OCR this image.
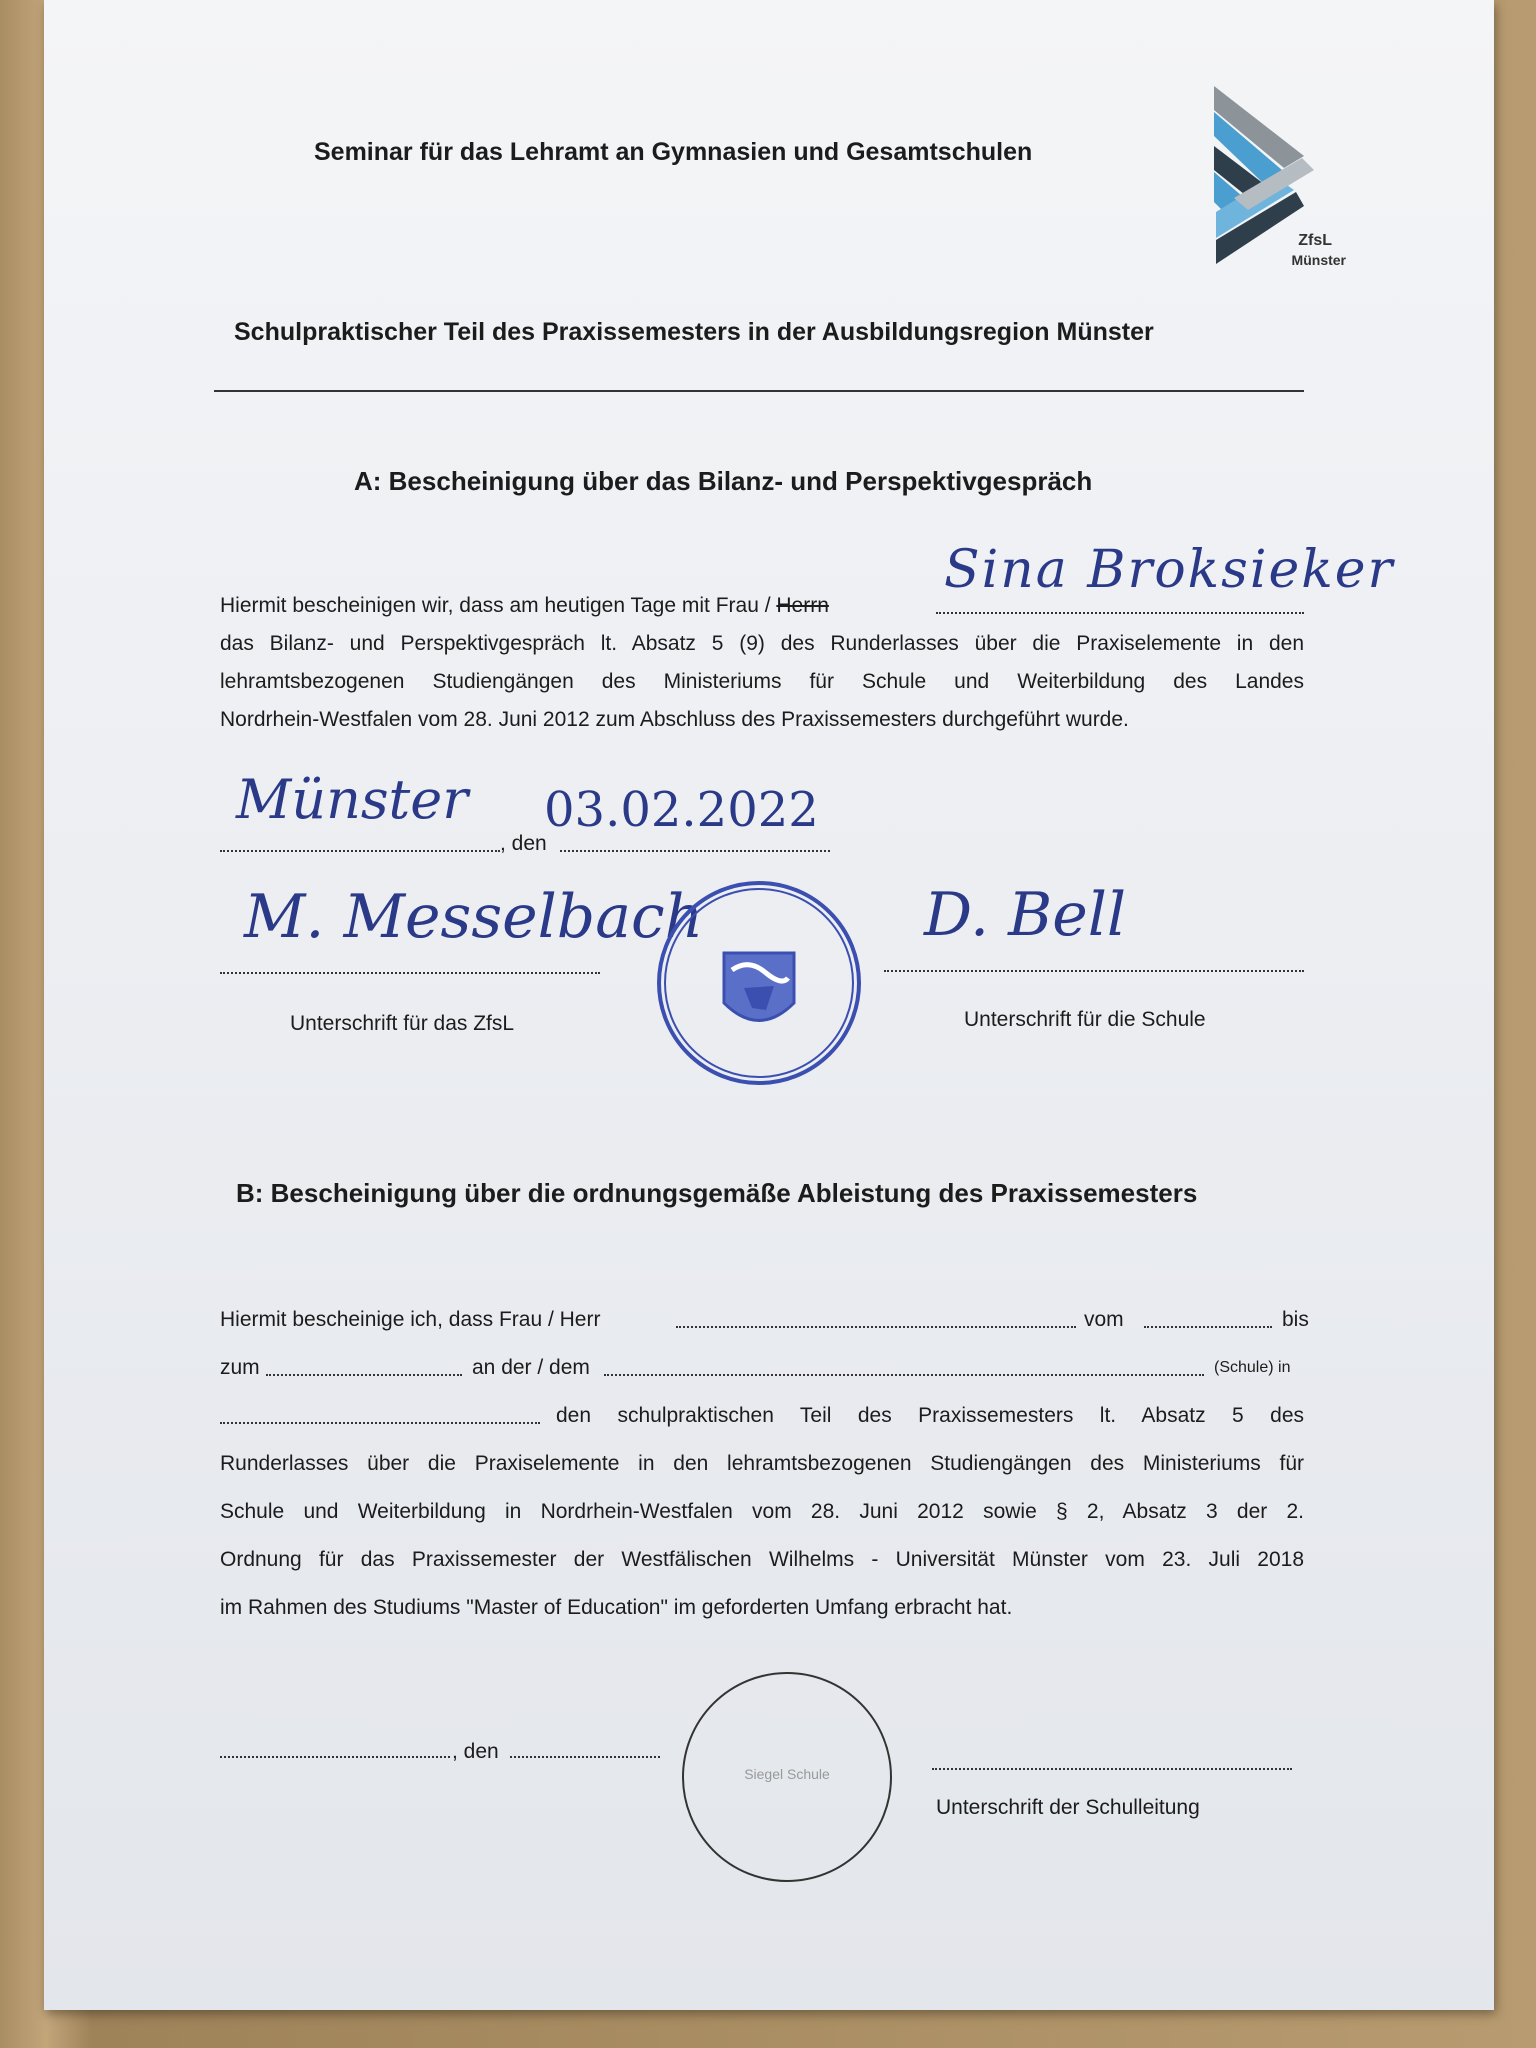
Seminar für das Lehramt an Gymnasien und Gesamtschulen
ZfsL
Münster
Schulpraktischer Teil des Praxissemesters in der Ausbildungsregion Münster
A: Bescheinigung über das Bilanz- und Perspektivgespräch
Hiermit bescheinigen wir, dass am heutigen Tage mit Frau / Herrn
Sina Broksieker
das Bilanz- und Perspektivgespräch lt. Absatz 5 (9) des Runderlasses über die Praxiselemente in den
lehramtsbezogenen Studiengängen des Ministeriums für Schule und Weiterbildung des Landes
Nordrhein-Westfalen vom 28. Juni 2012 zum Abschluss des Praxissemesters durchgeführt wurde.
Münster
, den
03.02.2022
M. Messelbach
Unterschrift für das ZfsL
D. Bell
Unterschrift für die Schule
B: Bescheinigung über die ordnungsgemäße Ableistung des Praxissemesters
Hiermit bescheinige ich, dass Frau / Herr	vom	bis
zum	an der / dem	(Schule) in
den schulpraktischen Teil des Praxissemesters lt. Absatz 5 des
Runderlasses über die Praxiselemente in den lehramtsbezogenen Studiengängen des Ministeriums für
Schule und Weiterbildung in Nordrhein-Westfalen vom 28. Juni 2012 sowie § 2, Absatz 3 der 2.
Ordnung für das Praxissemester der Westfälischen Wilhelms - Universität Münster vom 23. Juli 2018
im Rahmen des Studiums "Master of Education" im geforderten Umfang erbracht hat.
, den
Siegel Schule
Unterschrift der Schulleitung
